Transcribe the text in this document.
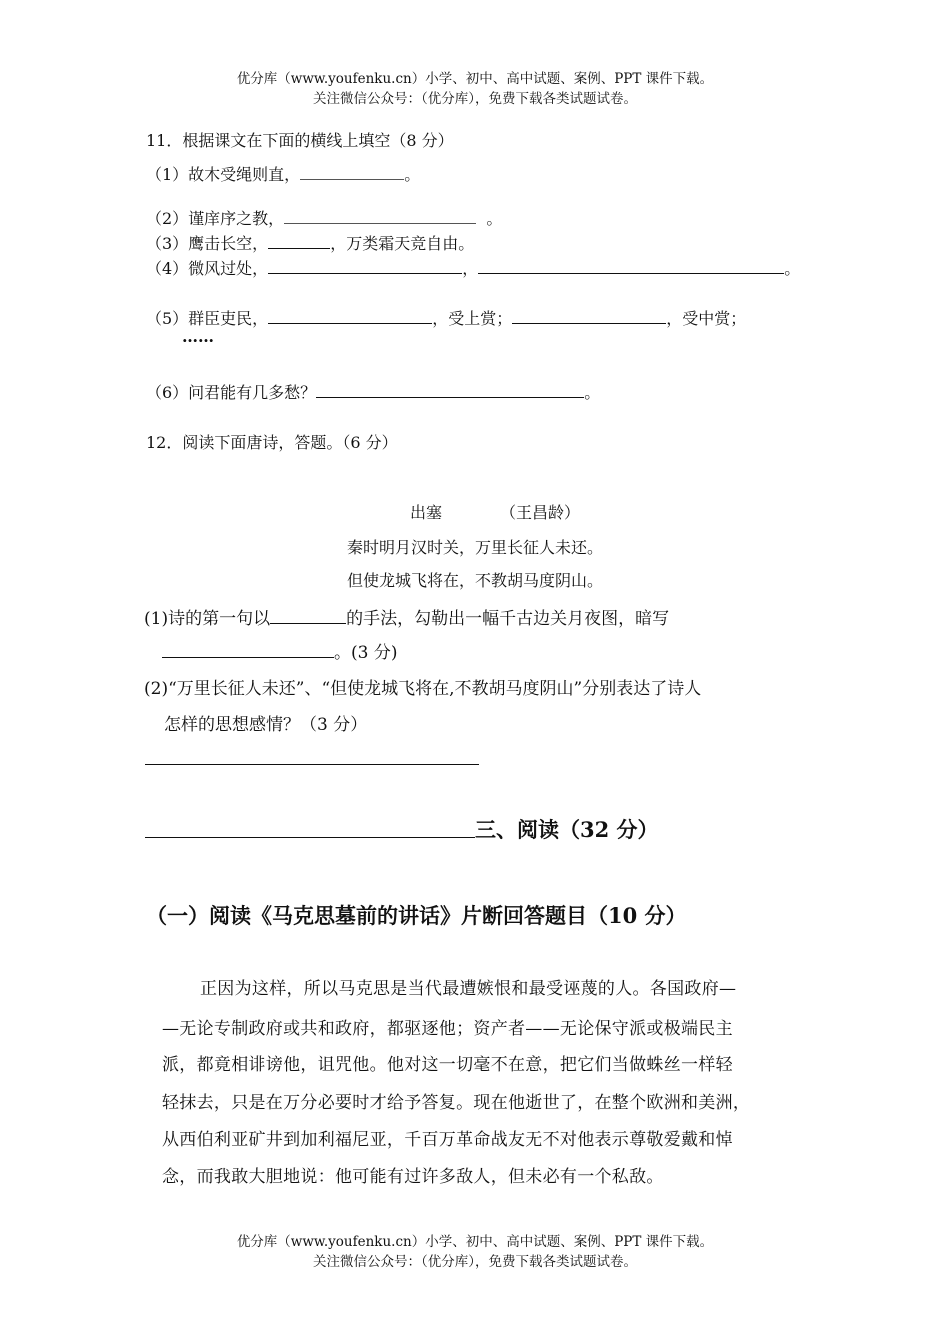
优分库（www.youfenku.cn）小学、初中、高中试题、案例、PPT 课件下载。
关注微信公众号：（优分库），免费下载各类试题试卷。
11．根据课文在下面的横线上填空（8 分）
（1）故木受绳则直，	。
（2）谨庠序之教，	。
（3）鹰击长空，	，万类霜天竞自由。
（4）微风过处，	，	。
（5）群臣吏民，	，受上赏；	，受中赏；
……
（6）问君能有几多愁？	。
12．阅读下面唐诗，答题。（6 分）
出塞	（王昌龄）
秦时明月汉时关，万里长征人未还。
但使龙城飞将在，不教胡马度阴山。
(1)诗的第一句以	的手法，勾勒出一幅千古边关月夜图，暗写
。(3 分)
(2)“万里长征人未还”、“但使龙城飞将在,不教胡马度阴山”分别表达了诗人
怎样的思想感情？（3 分）
三、阅读（32 分）
（一）阅读《马克思墓前的讲话》片断回答题目（10 分）
正因为这样，所以马克思是当代最遭嫉恨和最受诬蔑的人。各国政府—
—无论专制政府或共和政府，都驱逐他；资产者——无论保守派或极端民主
派，都竟相诽谤他，诅咒他。他对这一切毫不在意，把它们当做蛛丝一样轻
轻抹去，只是在万分必要时才给予答复。现在他逝世了，在整个欧洲和美洲，
从西伯利亚矿井到加利福尼亚，千百万革命战友无不对他表示尊敬爱戴和悼
念，而我敢大胆地说：他可能有过许多敌人，但未必有一个私敌。
优分库（www.youfenku.cn）小学、初中、高中试题、案例、PPT 课件下载。
关注微信公众号：（优分库），免费下载各类试题试卷。
